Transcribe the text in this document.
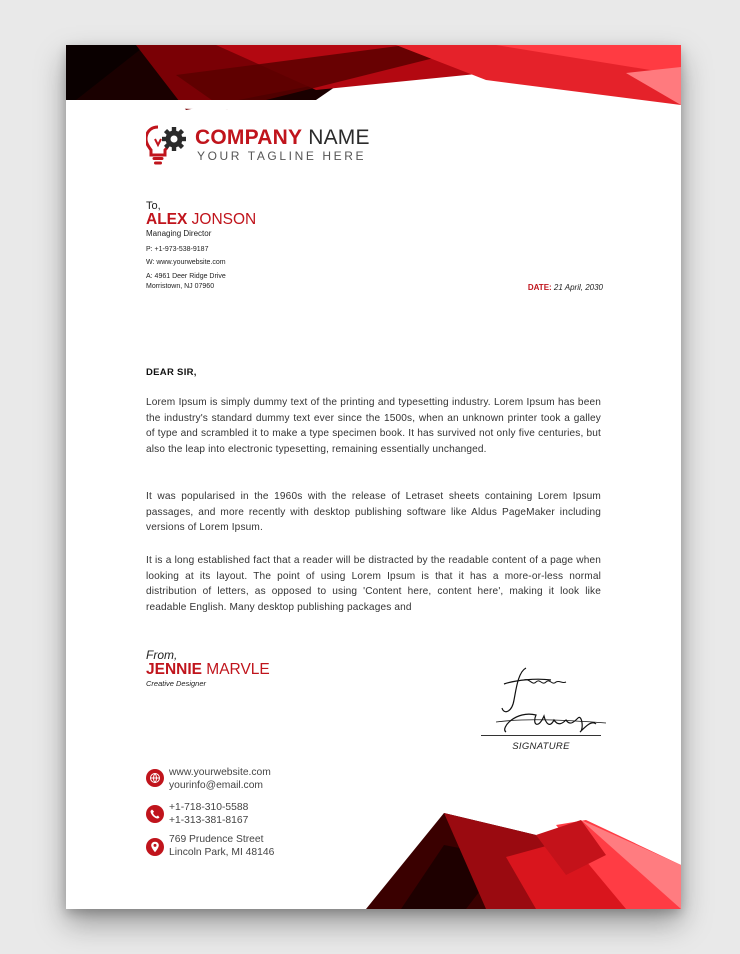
COMPANY NAME
YOUR TAGLINE HERE
To,
ALEX JONSON
Managing Director
P: +1-973-538-9187
W: www.yourwebsite.com
A: 4961 Deer Ridge Drive
Morristown, NJ 07960	DATE: 21 April, 2030
DEAR SIR,
Lorem Ipsum is simply dummy text of the printing and typesetting industry. Lorem Ipsum has been the industry's standard dummy text ever since the 1500s, when an unknown printer took a galley of type and scrambled it to make a type specimen book. It has survived not only five centuries, but also the leap into electronic typesetting, remaining essentially unchanged.
It was popularised in the 1960s with the release of Letraset sheets containing Lorem Ipsum passages, and more recently with desktop publishing software like Aldus PageMaker including versions of Lorem Ipsum.
It is a long established fact that a reader will be distracted by the readable content of a page when looking at its layout. The point of using Lorem Ipsum is that it has a more-or-less normal distribution of letters, as opposed to using 'Content here, content here', making it look like readable English. Many desktop publishing packages and
From,
JENNIE MARVLE
Creative Designer
SIGNATURE
www.yourwebsite.com
yourinfo@email.com
+1-718-310-5588
+1-313-381-8167
769 Prudence Street
Lincoln Park, MI 48146
